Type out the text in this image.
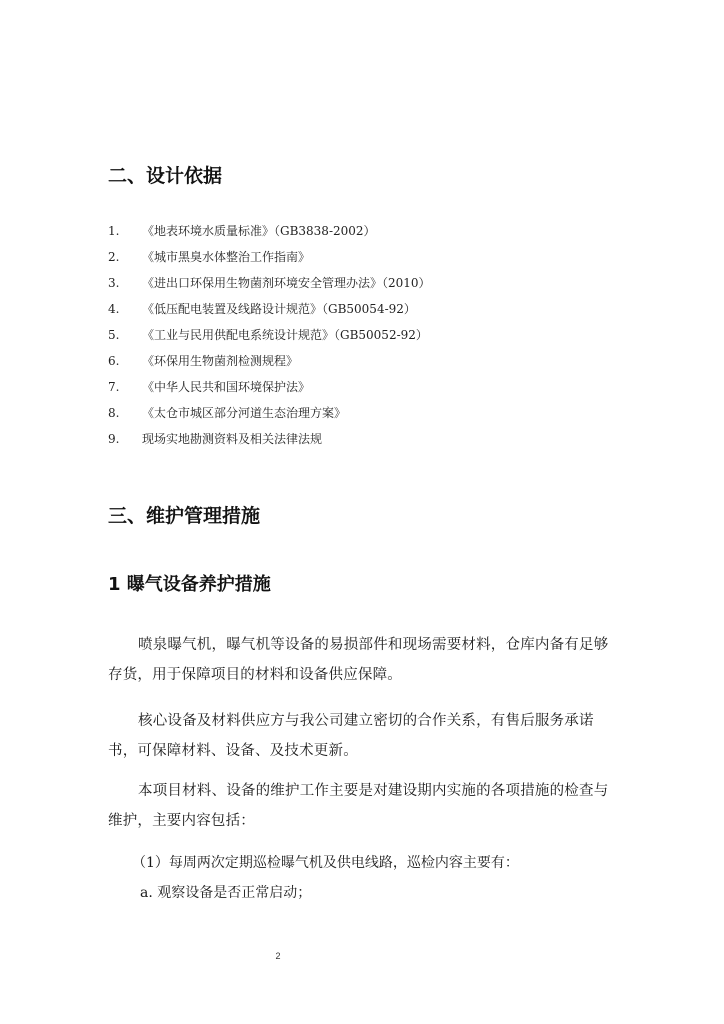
二、设计依据
1. 《地表环境水质量标准》（GB3838-2002）
2. 《城市黑臭水体整治工作指南》
3. 《进出口环保用生物菌剂环境安全管理办法》（2010）
4. 《低压配电装置及线路设计规范》（GB50054-92）
5. 《工业与民用供配电系统设计规范》（GB50052-92）
6. 《环保用生物菌剂检测规程》
7. 《中华人民共和国环境保护法》
8. 《太仓市城区部分河道生态治理方案》
9. 现场实地勘测资料及相关法律法规
三、维护管理措施
1 曝气设备养护措施

喷泉曝气机，曝气机等设备的易损部件和现场需要材料，仓库内备有足够存货，用于保障项目的材料和设备供应保障。

核心设备及材料供应方与我公司建立密切的合作关系，有售后服务承诺书，可保障材料、设备、及技术更新。

本项目材料、设备的维护工作主要是对建设期内实施的各项措施的检查与维护，主要内容包括：

（1）每周两次定期巡检曝气机及供电线路，巡检内容主要有：

a. 观察设备是否正常启动；

2
